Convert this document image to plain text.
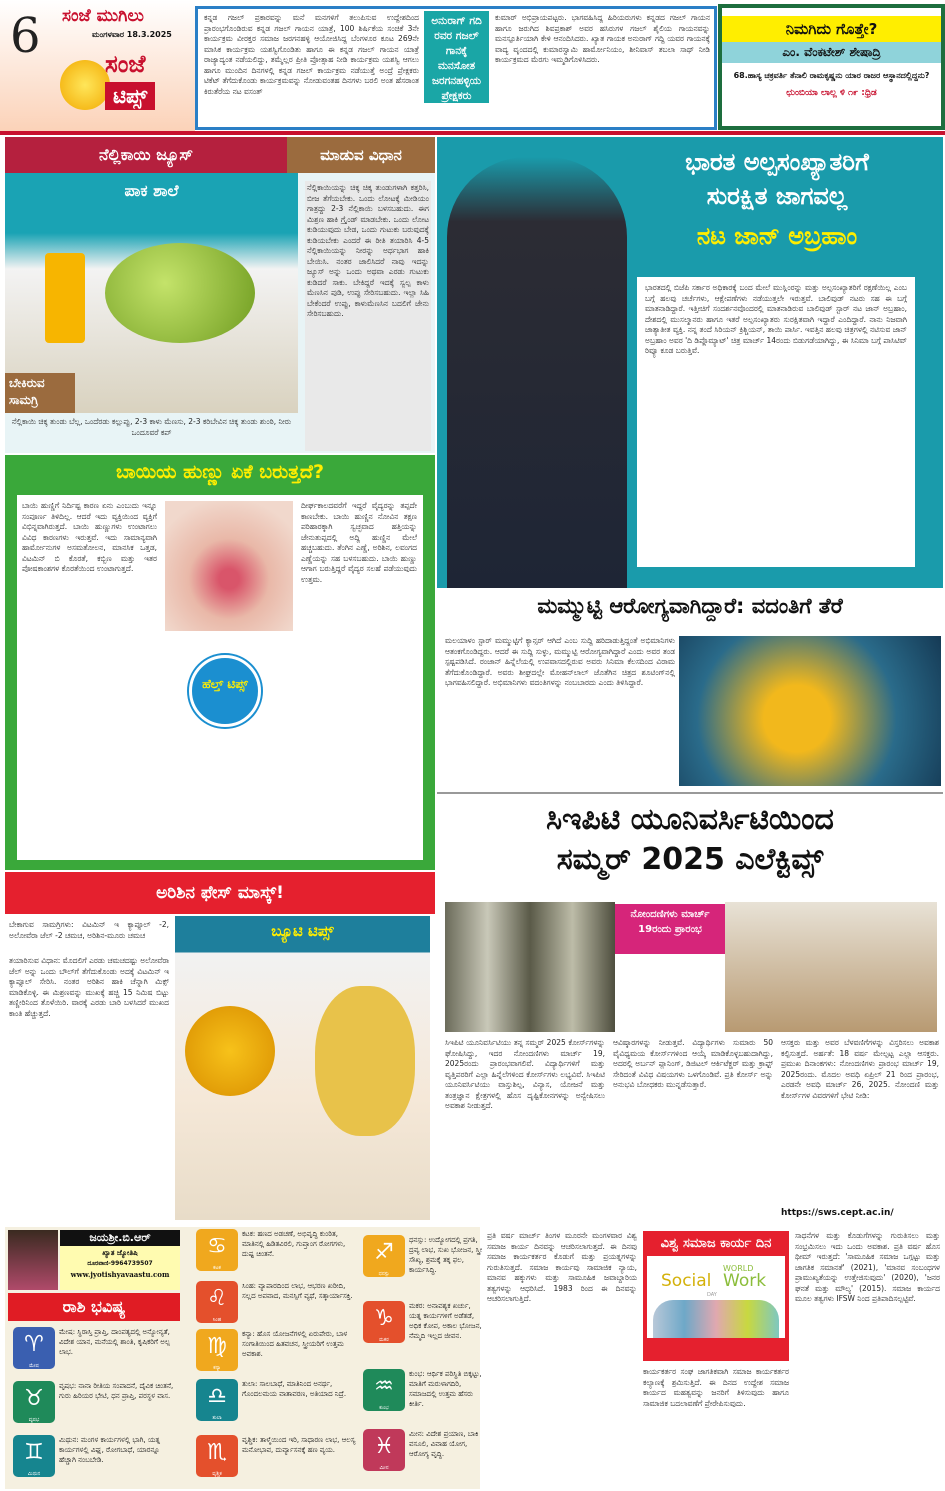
6 ಸಂಜೆ ಮುಗಿಲು
ಮಂಗಳವಾರ 18.3.2025
ಸಂಜೆ
ಟಿಪ್ಸ್
ಕನ್ನಡ ಗಜಲ್ ಪ್ರಕಾರವನ್ನು ಮನೆ ಮನಗಳಿಗೆ ತಲುಪಿಸುವ ಉದ್ದೇಶದಿಂದ ಪ್ರಾರಂಭಗೊಂಡಿರುವ ಕನ್ನಡ ಗಜಲ್ ಗಾಯನ ಯಾತ್ರೆ, 100 ಶಿರ್ಷಿಕೆಯ ಸಂಚಿಕೆ 3ನೇ ಕಾರ್ಯಕ್ರಮ ವೀರಕ್ತರ ಸಮಾಜ ಜರಗನಹಳ್ಳಿ ಆಯೋಜಿಸಿದ್ದ ಬೆಂಗಳೂರ ಕೂಟ 269ನೇ ಮಾಸಿಕ ಕಾರ್ಯಕ್ರಮ ಯಶಸ್ವಿಗೊಂಡಿತು ಹಾಗೂ ಈ ಕನ್ನಡ ಗಜಲ್ ಗಾಯನ ಯಾತ್ರೆ ರಾಜ್ಯಾದ್ಯಂತ ನಡೆಯಲಿದ್ದು, ತಮ್ಮೆಲ್ಲರ ಪ್ರೀತಿ ಪ್ರೋತ್ಸಾಹ ನೀಡಿ ಕಾರ್ಯಕ್ರಮ ಯಶಸ್ವಿ ಆಗಲು ಹಾಗೂ ಮುಂದಿನ ದಿನಗಳಲ್ಲಿ ಕನ್ನಡ ಗಜಲ್ ಕಾರ್ಯಕ್ರಮ ನಡೆಯುತ್ತೆ ಅಂದ್ರೆ ಪ್ರೇಕ್ಷಕರು ಟಿಕೆಟ್ ತೆಗೆದುಕೊಂಡು ಕಾರ್ಯಕ್ರಮವನ್ನು ನೋಡುವಂತಹ ದಿನಗಳು ಬರಲಿ ಅಂತ ಹೆಸರಾಂತ ಕಿರುತೆರೆಯ ನಟ ವಸಂತ್
ಅನುರಾಗ್ ಗದಿ ರವರ ಗಜಲ್ ಗಾನಕ್ಕೆ ಮನಸೋತ ಜರಗನಹಳ್ಳಿಯ ಪ್ರೇಕ್ಷಕರು
ಕುಮಾರ್ ಅಭಿಪ್ರಾಯಪಟ್ಟರು. ಭಾಗವಹಿಸಿದ್ದ ಹಿರಿಯರುಗಳು ಕನ್ನಡದ ಗಜಲ್ ಗಾಯನ ಹಾಗೂ ಜರುಗಿದ ಶಿವಪ್ರಕಾಶ್ ಅವರ ಹಸಿರುಗಳ ಗಜಲ್ ಶೈಲಿಯ ಗಾಯನವನ್ನು ಮನಸ್ಪೂರ್ತಿಯಾಗಿ ಕೇಳಿ ಆನಂದಿಸಿದರು. ಖ್ಯಾತ ಗಾಯಕ ಅನುರಾಗ್ ಗದ್ದಿ ಯವರ ಗಾಯನಕ್ಕೆ ವಾದ್ಯ ವೃಂದದಲ್ಲಿ ಕುಮಾರಸ್ವಾಮಿ ಹಾರ್ಮೋನಿಯಂ, ಶೀನಿವಾಸ್ ತಬಲಾ ಸಾಥ್ ನೀಡಿ ಕಾರ್ಯಕ್ರಮದ ಮೆರಗು ಇಮ್ಮಡಿಗೊಳಿಸಿದರು.
ನಿಮಗಿದು ಗೊತ್ತೇ?
ಎಂ. ವೆಂಕಟೇಶ್ ಶೇಷಾದ್ರಿ
68.ಹಾಸ್ಯ ಚಕ್ರವರ್ತಿ ತೆನಾಲಿ ರಾಮಕೃಷ್ಣನು ಯಾರ ರಾಜರ ಆಸ್ಥಾನದಲ್ಲಿದ್ದನು?
ಛುಂಬಿಯಾ ಲಾಲ್ಲ ಳಿ ೧೯ :ಧ್ರಿಡ
ನೆಲ್ಲಿಕಾಯಿ ಜ್ಯೂಸ್	ಮಾಡುವ ವಿಧಾನ
ಪಾಕ ಶಾಲೆ
ಬೇಕಿರುವ ಸಾಮಗ್ರಿ
ನೆಲ್ಲಿಕಾಯಿ ಚಿಕ್ಕ ತುಂಡು ಬೆಲ್ಲ, ಒಂದೆರಡು ಕಲ್ಲುಪ್ಪು, 2-3 ಕಾಳು ಮೆಣಸು, 2-3 ಕರಿಬೇವಿನ ಚಿಕ್ಕ ತುಂಡು ಶುಂಠಿ, ನೀರು ಒಂದೂವರೆ ಕಪ್
ನೆಲ್ಲಿಕಾಯಿಯನ್ನು ಚಿಕ್ಕ ಚಿಕ್ಕ ತುಂಡುಗಳಾಗಿ ಕತ್ತರಿಸಿ, ಬೀಜ ತೆಗೆಯಬೇಕು. ಒಂದು ಲೋಟಕ್ಕೆ ಮೀಡಿಯಂ ಗಾತ್ರದ್ದು 2-3 ನೆಲ್ಲಿಕಾಯಿ ಬಳಸಬಹುದು. ಈಗ ಮಿಶ್ರಣ ಹಾಕಿ ಗ್ರೈಂಡ್ ಮಾಡಬೇಕು. ಒಂದು ಲೋಟ ಕುಡಿಯುವುದು ಬೇಡ, ಒಂದು ಗುಟುಕು ಬರುವುದಕ್ಕೆ ಕುಡಿಯಬೇಕು ಎಂದರೆ ಈ ರೀತಿ ತಯಾರಿಸಿ 4-5 ನೆಲ್ಲಿಕಾಯಿಯನ್ನು ನೀರನ್ನು ಅರ್ಧಭಾಗ ಹಾಕಿ ಬೇಯಿಸಿ. ನಂತರ ಜಾಲಿಸಿದರೆ ನಾವು ಇದನ್ನು ಜ್ಯೂಸ್ ಅನ್ನು ಒಂದು ಅಥವಾ ಎರಡು ಗುಟುಕು ಕುಡಿದರೆ ಸಾಕು. ಬೇಕಿದ್ದರೆ ಇದಕ್ಕೆ ಸ್ವಲ್ಪ ಕಾಳು ಮೆಣಸಿನ ಪುಡಿ, ಉಪ್ಪು ಸೇರಿಸಬಹುದು. ಇಲ್ಲಾ ಸಿಹಿ ಬೇಕೆಂದರೆ ಉಪ್ಪು, ಕಾಳುಮೆಣಸಿನ ಬದಲಿಗೆ ಜೇನು ಸೇರಿಸಬಹುದು.
ಬಾಯಿಯ ಹುಣ್ಣು ಏಕೆ ಬರುತ್ತದೆ?
ಬಾಯಿ ಹುಣ್ಣಿಗೆ ನಿರ್ದಿಷ್ಟ ಕಾರಣ ಏನು ಎಂಬುದು ಇನ್ನೂ ಸಂಪೂರ್ಣ ತಿಳಿದಿಲ್ಲ. ಆದರೆ ಇದು ವ್ಯಕ್ತಿಯಿಂದ ವ್ಯಕ್ತಿಗೆ ವಿಭಿನ್ನವಾಗಿರುತ್ತದೆ. ಬಾಯಿ ಹುಣ್ಣುಗಳು ಉಂಟಾಗಲು ವಿವಿಧ ಕಾರಣಗಳು ಇರುತ್ತವೆ. ಇದು ಸಾಮಾನ್ಯವಾಗಿ ಹಾರ್ಮೋನುಗಳ ಅಸಮತೋಲನ, ಮಾನಸಿಕ ಒತ್ತಡ, ವಿಟಮಿನ್ ಬಿ ಕೊರತೆ, ಕಬ್ಬಿಣ ಮತ್ತು ಇತರ ಪೋಷಕಾಂಶಗಳ ಕೊರತೆಯಿಂದ ಉಂಟಾಗುತ್ತದೆ.
ಹೆಲ್ತ್ ಟಿಪ್ಸ್
ದೀರ್ಘಕಾಲದವರೆಗೆ ಇದ್ದರೆ ವೈದ್ಯರನ್ನು ತಪ್ಪದೇ ಕಾಣಬೇಕು. ಬಾಯಿ ಹುಣ್ಣಿನ ನೋವಿನ ತಕ್ಷಣ ಪರಿಹಾರಕ್ಕಾಗಿ ಸ್ವಚ್ಛವಾದ ಹತ್ತಿಯನ್ನು ಜೇನುತುಪ್ಪದಲ್ಲಿ ಅದ್ದಿ ಹುಣ್ಣಿನ ಮೇಲೆ ಹಚ್ಚಬಹುದು. ತೆಂಗಿನ ಎಣ್ಣೆ, ಅರಿಶಿನ, ಲವಂಗದ ಎಣ್ಣೆಯನ್ನು ಸಹ ಬಳಸಬಹುದು. ಬಾಯಿ ಹುಣ್ಣು ಆಗಾಗ ಬರುತ್ತಿದ್ದರೆ ವೈದ್ಯರ ಸಲಹೆ ಪಡೆಯುವುದು ಉತ್ತಮ.
ಅರಿಶಿನ ಫೇಸ್ ಮಾಸ್ಕ್!
ಬೇಕಾಗುವ ಸಾಮಗ್ರಿಗಳು: ವಿಟಮಿನ್ ಇ ಕ್ಯಾಪ್ಸೂಲ್ -2, ಅಲೋವೆರಾ ಜೆಲ್ -2 ಚಮಚ, ಅರಿಶಿನ-ಮೂರು ಚಮಚ
ತಯಾರಿಸುವ ವಿಧಾನ: ಮೊದಲಿಗೆ ಎರಡು ಚಮಚದಷ್ಟು ಅಲೋವೆರಾ ಜೆಲ್ ಅನ್ನು ಒಂದು ಬೌಲ್‌ಗೆ ತೆಗೆದುಕೊಂಡು ಅದಕ್ಕೆ ವಿಟಮಿನ್ ಇ ಕ್ಯಾಪ್ಸೂಲ್ ಸೇರಿಸಿ. ನಂತರ ಅರಿಶಿನ ಹಾಕಿ ಚೆನ್ನಾಗಿ ಮಿಕ್ಸ್ ಮಾಡಿಕೊಳ್ಳಿ. ಈ ಮಿಶ್ರಣವನ್ನು ಮುಖಕ್ಕೆ ಹಚ್ಚಿ 15 ನಿಮಿಷ ಬಿಟ್ಟು ತಣ್ಣೀರಿನಿಂದ ತೊಳೆಯಿರಿ. ವಾರಕ್ಕೆ ಎರಡು ಬಾರಿ ಬಳಸಿದರೆ ಮುಖದ ಕಾಂತಿ ಹೆಚ್ಚುತ್ತದೆ.
ಬ್ಯೂಟಿ ಟಿಪ್ಸ್
ಭಾರತ ಅಲ್ಪಸಂಖ್ಯಾತರಿಗೆ
ಸುರಕ್ಷಿತ ಜಾಗವಲ್ಲ
ನಟ ಜಾನ್ ಅಬ್ರಹಾಂ
ಭಾರತದಲ್ಲಿ ಬಿಜೆಪಿ ಸರ್ಕಾರ ಅಧಿಕಾರಕ್ಕೆ ಬಂದ ಮೇಲೆ ಮುಸ್ಲಿಂರನ್ನು ಮತ್ತು ಅಲ್ಪಸಂಖ್ಯಾತರಿಗೆ ರಕ್ಷಣೆಯಿಲ್ಲ ಎಂಬ ಬಗ್ಗೆ ಹಲವು ಚರ್ಚೆಗಳು, ಆಕ್ಷೇಪಣೆಗಳು ನಡೆಯುತ್ತಲೇ ಇರುತ್ತವೆ. ಬಾಲಿವುಡ್ ನಟರು ಸಹ ಈ ಬಗ್ಗೆ ಮಾತನಾಡಿದ್ದಾರೆ. ಇತ್ತೀಚಿಗೆ ಸಂದರ್ಶನವೊಂದರಲ್ಲಿ ಮಾತನಾಡಿರುವ ಬಾಲಿವುಡ್ ಸ್ಟಾರ್ ನಟ ಜಾನ್ ಅಬ್ರಹಾಂ, ದೇಶದಲ್ಲಿ ಮುಸಲ್ಮಾನರು ಹಾಗೂ ಇತರೆ ಅಲ್ಪಸಂಖ್ಯಾತರು ಸುರಕ್ಷಿತವಾಗಿ ಇದ್ದಾರೆ ಎಂದಿದ್ದಾರೆ. ನಾನು ನಿಜವಾಗಿ ಜಾತ್ಯಾತೀತ ವ್ಯಕ್ತಿ. ನನ್ನ ತಂದೆ ಸಿರಿಯನ್ ಕ್ರಿಶ್ಚಿಯನ್, ತಾಯಿ ಪಾರ್ಸಿ. ಇವತ್ತಿನ ಹಲವು ಚಿತ್ರಗಳಲ್ಲಿ ನಟಿಸುವ ಜಾನ್ ಅಬ್ರಹಾಂ ಅವರ 'ದಿ ಡಿಪ್ಲೊಮ್ಯಾಟ್' ಚಿತ್ರ ಮಾರ್ಚ್ 14ರಂದು ಬಿಡುಗಡೆಯಾಗಿದ್ದು, ಈ ಸಿನಿಮಾ ಬಗ್ಗೆ ಪಾಸಿಟಿವ್ ರಿವ್ಯೂ ಕೂಡ ಬರುತ್ತಿವೆ.
ಮಮ್ಮುಟ್ಟಿ ಆರೋಗ್ಯವಾಗಿದ್ದಾರೆ: ವದಂತಿಗೆ ತೆರೆ
ಮಲಯಾಳಂ ಸ್ಟಾರ್ ಮಮ್ಮುಟ್ಟಿಗೆ ಕ್ಯಾನ್ಸರ್ ಆಗಿದೆ ಎಂಬ ಸುದ್ದಿ ಹರಿದಾಡುತ್ತಿದ್ದಂತೆ ಅಭಿಮಾನಿಗಳು ಆತಂಕಗೊಂಡಿದ್ದರು. ಆದರೆ ಈ ಸುದ್ದಿ ಸುಳ್ಳು, ಮಮ್ಮುಟ್ಟಿ ಆರೋಗ್ಯವಾಗಿದ್ದಾರೆ ಎಂದು ಅವರ ತಂಡ ಸ್ಪಷ್ಟಪಡಿಸಿದೆ. ರಂಜಾನ್ ಹಿನ್ನೆಲೆಯಲ್ಲಿ ಉಪವಾಸದಲ್ಲಿರುವ ಅವರು ಸಿನಿಮಾ ಕೆಲಸದಿಂದ ವಿರಾಮ ತೆಗೆದುಕೊಂಡಿದ್ದಾರೆ. ಅವರು ಶೀಘ್ರದಲ್ಲೇ ಮೋಹನ್‌ಲಾಲ್ ಜೊತೆಗಿನ ಚಿತ್ರದ ಶೂಟಿಂಗ್‌ನಲ್ಲಿ ಭಾಗವಹಿಸಲಿದ್ದಾರೆ. ಅಭಿಮಾನಿಗಳು ವದಂತಿಗಳನ್ನು ನಂಬಬಾರದು ಎಂದು ತಿಳಿಸಿದ್ದಾರೆ.
ಸಿಇಪಿಟಿ ಯೂನಿವರ್ಸಿಟಿಯಿಂದ
ಸಮ್ಮರ್ 2025 ಎಲೆಕ್ಟಿವ್ಸ್
ನೋಂದಣಿಗಳು ಮಾರ್ಚ್ 19ರಂದು ಪ್ರಾರಂಭ
ಸಿಇಪಿಟಿ ಯೂನಿವರ್ಸಿಟಿಯು ತನ್ನ ಸಮ್ಮರ್ 2025 ಕೋರ್ಸ್‌ಗಳನ್ನು ಘೋಷಿಸಿದ್ದು, ಇದರ ನೋಂದಣಿಗಳು ಮಾರ್ಚ್ 19, 2025ರಂದು ಪ್ರಾರಂಭವಾಗಲಿವೆ. ವಿದ್ಯಾರ್ಥಿಗಳಿಗೆ ಮತ್ತು ವೃತ್ತಿಪರರಿಗೆ ಎಲ್ಲಾ ಹಿನ್ನೆಲೆಗಳಿಂದ ಕೋರ್ಸ್‌ಗಳು ಲಭ್ಯವಿವೆ. ಸಿಇಪಿಟಿ ಯೂನಿವರ್ಸಿಟಿಯು ವಾಸ್ತುಶಿಲ್ಪ, ವಿನ್ಯಾಸ, ಯೋಜನೆ ಮತ್ತು ತಂತ್ರಜ್ಞಾನ ಕ್ಷೇತ್ರಗಳಲ್ಲಿ ಹೊಸ ದೃಷ್ಟಿಕೋನಗಳನ್ನು ಅನ್ವೇಷಿಸಲು ಅವಕಾಶ ನೀಡುತ್ತದೆ.
ಆವಿಷ್ಕಾರಗಳನ್ನು ನೀಡುತ್ತವೆ. ವಿದ್ಯಾರ್ಥಿಗಳು ಸುಮಾರು 50 ವೈವಿಧ್ಯಮಯ ಕೋರ್ಸ್‌ಗಳಿಂದ ಆಯ್ಕೆ ಮಾಡಿಕೊಳ್ಳಬಹುದಾಗಿದ್ದು, ಅದರಲ್ಲಿ ಅರ್ಬನ್ ಪ್ಲಾನಿಂಗ್, ಡಿಜಿಟಲ್ ಆರ್ಕಿಟೆಕ್ಚರ್ ಮತ್ತು ಕ್ರಾಫ್ಟ್ ಸೇರಿದಂತೆ ವಿವಿಧ ವಿಷಯಗಳು ಒಳಗೊಂಡಿವೆ. ಪ್ರತಿ ಕೋರ್ಸ್ ಅನ್ನು ಅನುಭವಿ ಬೋಧಕರು ಮುನ್ನಡೆಸುತ್ತಾರೆ.
ಆಸಕ್ತರು ಮತ್ತು ಅವರ ಬೆಳವಣಿಗೆಗಳನ್ನು ವಿಸ್ತರಿಸಲು ಅವಕಾಶ ಕಲ್ಪಿಸುತ್ತದೆ. ಅರ್ಹತೆ: 18 ವರ್ಷ ಮೇಲ್ಪಟ್ಟ ಎಲ್ಲಾ ಆಸಕ್ತರು. ಪ್ರಮುಖ ದಿನಾಂಕಗಳು: ನೋಂದಣಿಗಳು ಪ್ರಾರಂಭ ಮಾರ್ಚ್ 19, 2025ರಂದು. ಮೊದಲ ಅವಧಿ ಏಪ್ರಿಲ್ 21 ರಿಂದ ಪ್ರಾರಂಭ, ಎರಡನೇ ಅವಧಿ ಮಾರ್ಚ್ 26, 2025. ನೋಂದಣಿ ಮತ್ತು ಕೋರ್ಸ್‌ಗಳ ವಿವರಗಳಿಗೆ ಭೇಟಿ ನೀಡಿ:
https://sws.cept.ac.in/
ಜಯಶ್ರೀ.ಬಿ.ಆರ್
ಖ್ಯಾತ ಜ್ಯೋತಿಷಿ
ದೂರವಾಣಿ-9964739507
www.jyotishyavaastu.com
ರಾಶಿ ಭವಿಷ್ಯ
♈
ಮೇಷ
ಮೇಷ: ಸ್ಥಿರಾಸ್ತಿ ಪ್ರಾಪ್ತಿ, ದಾಂಪತ್ಯದಲ್ಲಿ ಅನ್ಯೋನ್ಯತೆ, ವಿದೇಶ ಯಾನ, ಮನೆಯಲ್ಲಿ ಶಾಂತಿ, ಕೃಷಿಕರಿಗೆ ಅಲ್ಪ ಲಾಭ.
♉
ವೃಷಭ
ವೃಷಭ: ನಾನಾ ರೀತಿಯ ಸಂಪಾದನೆ, ದೈವಿಕ ಚಿಂತನೆ, ಗುರು ಹಿರಿಯರ ಭೇಟಿ, ಧನ ಪ್ರಾಪ್ತಿ, ಪರಸ್ಥಳ ವಾಸ.
♊
ಮಿಥುನ
ಮಿಥುನ: ಮಂಗಳ ಕಾರ್ಯಗಳಲ್ಲಿ ಭಾಗಿ, ಯತ್ನ ಕಾರ್ಯಗಳಲ್ಲಿ ವಿಘ್ನ, ರೋಗಬಾಧೆ, ಯಾರನ್ನೂ ಹೆಚ್ಚಾಗಿ ನಂಬಬೇಡಿ.
♋
ಕಟಕ
ಕಟಕ: ಹಣದ ಅಡಚಣೆ, ಅಭಿವೃದ್ಧಿ ಕುಂಠಿತ, ಮಾತಿನಲ್ಲಿ ಹಿಡಿತವಿರಲಿ, ಗುಪ್ತಾಂಗ ರೋಗಗಳು, ದುಷ್ಟ ಚಿಂತನೆ.
♌
ಸಿಂಹ
ಸಿಂಹ: ವ್ಯಾಪಾರದಿಂದ ಲಾಭ, ಆಭರಣ ಖರೀದಿ, ಸಲ್ಲದ ಅಪವಾದ, ಮನಸ್ಸಿಗೆ ವ್ಯಥೆ, ಸತ್ಕಾರ್ಯಾಸಕ್ತಿ.
♍
ಕನ್ಯಾ
ಕನ್ಯಾ: ಹೊಸ ಯೋಜನೆಗಳಲ್ಲಿ ಏರುಪೇರು, ಬಾಳ ಸಂಗಾತಿಯಿಂದ ಹಿತವಚನ, ಸ್ತ್ರೀಯರಿಗೆ ಉತ್ತಮ ಅವಕಾಶ.
♎
ತುಲಾ
ತುಲಾ: ಸಾಲಬಾಧೆ, ಮಾತಿನಿಂದ ಅನರ್ಥ, ಗೊಂದಲಮಯ ವಾತಾವರಣ, ಅತಿಯಾದ ನಿದ್ರೆ.
♏
ವೃಶ್ಚಿಕ
ವೃಶ್ಚಿಕ: ತಾಳ್ಮೆಯಿಂದ ಇರಿ, ಸಾಧಾರಣ ಲಾಭ, ಆಲಸ್ಯ ಮನೋಭಾವ, ದುರ್ವ್ಯಾಸನಕ್ಕೆ ಹಣ ವ್ಯಯ.
♐
ಧನಸ್ಸು
ಧನಸ್ಸು: ಉದ್ಯೋಗದಲ್ಲಿ ಪ್ರಗತಿ, ದ್ರವ್ಯ ಲಾಭ, ಸುಖ ಭೋಜನ, ಸ್ತ್ರೀ ಸೌಖ್ಯ, ಶ್ರಮಕ್ಕೆ ತಕ್ಕ ಫಲ, ಕಾರ್ಯಸಿದ್ಧಿ.
♑
ಮಕರ
ಮಕರ: ಅನಾವಶ್ಯಕ ಖರ್ಚು, ಯತ್ನ ಕಾರ್ಯಗಳಿಗೆ ಅಡೆತಡೆ, ಅಧಿಕ ಕೋಪ, ಅಕಾಲ ಭೋಜನ, ನೆಮ್ಮದಿ ಇಲ್ಲದ ಜೀವನ.
♒
ಕುಂಭ
ಕುಂಭ: ಆರ್ಥಿಕ ಪರಿಸ್ಥಿತಿ ಬಿಕ್ಕಟ್ಟು, ಮಾತಿಗೆ ಮರುಳಾಗದಿರಿ, ಸಮಾಜದಲ್ಲಿ ಉತ್ತಮ ಹೆಸರು ಕೀರ್ತಿ.
♓
ಮೀನ
ಮೀನ: ವಿದೇಶ ಪ್ರಯಾಣ, ಬಾಕಿ ವಸೂಲಿ, ವಿವಾಹ ಯೋಗ, ಆರೋಗ್ಯ ವೃದ್ಧಿ.
ಪ್ರತಿ ವರ್ಷ ಮಾರ್ಚ್ ತಿಂಗಳ ಮೂರನೇ ಮಂಗಳವಾರ ವಿಶ್ವ ಸಮಾಜ ಕಾರ್ಯ ದಿನವನ್ನು ಆಚರಿಸಲಾಗುತ್ತದೆ. ಈ ದಿನವು ಸಮಾಜ ಕಾರ್ಯಕರ್ತರ ಕೊಡುಗೆ ಮತ್ತು ಪ್ರಯತ್ನಗಳನ್ನು ಗುರುತಿಸುತ್ತದೆ. ಸಮಾಜ ಕಾರ್ಯವು ಸಾಮಾಜಿಕ ನ್ಯಾಯ, ಮಾನವ ಹಕ್ಕುಗಳು ಮತ್ತು ಸಾಮೂಹಿಕ ಜವಾಬ್ದಾರಿಯ ತತ್ವಗಳನ್ನು ಆಧರಿಸಿದೆ. 1983 ರಿಂದ ಈ ದಿನವನ್ನು ಆಚರಿಸಲಾಗುತ್ತಿದೆ.
ವಿಶ್ವ ಸಮಾಜ ಕಾರ್ಯ ದಿನ
WORLD
Social
DAY
Work
ಕಾರ್ಯಕರ್ತರ ಸಂಘ ಜಾಗತಿಕವಾಗಿ ಸಮಾಜ ಕಾರ್ಯಕರ್ತರ ಕಲ್ಯಾಣಕ್ಕೆ ಶ್ರಮಿಸುತ್ತಿದೆ. ಈ ದಿನದ ಉದ್ದೇಶ ಸಮಾಜ ಕಾರ್ಯದ ಮಹತ್ವವನ್ನು ಜನರಿಗೆ ತಿಳಿಸುವುದು ಹಾಗೂ ಸಾಮಾಜಿಕ ಬದಲಾವಣೆಗೆ ಪ್ರೇರೇಪಿಸುವುದು.
ಸಾಧನೆಗಳ ಮತ್ತು ಕೊಡುಗೆಗಳನ್ನು ಗುರುತಿಸಲು ಮತ್ತು ಸಂಭ್ರಮಿಸಲು ಇದು ಒಂದು ಅವಕಾಶ. ಪ್ರತಿ ವರ್ಷ ಹೊಸ ಥೀಮ್ ಇರುತ್ತದೆ: 'ಸಾಮೂಹಿಕ ಸಮಾಜ ಒಗ್ಗಟ್ಟು ಮತ್ತು ಜಾಗತಿಕ ಸಮಾನತೆ' (2021), 'ಮಾನವ ಸಂಬಂಧಗಳ ಪ್ರಾಮುಖ್ಯತೆಯನ್ನು ಉತ್ತೇಜಿಸುವುದು' (2020), 'ಜನರ ಘನತೆ ಮತ್ತು ಮೌಲ್ಯ' (2015). ಸಮಾಜ ಕಾರ್ಯದ ಮೂಲ ತತ್ವಗಳು IFSW ನಿಂದ ಪ್ರತಿಪಾದಿಸಲ್ಪಟ್ಟಿವೆ.
